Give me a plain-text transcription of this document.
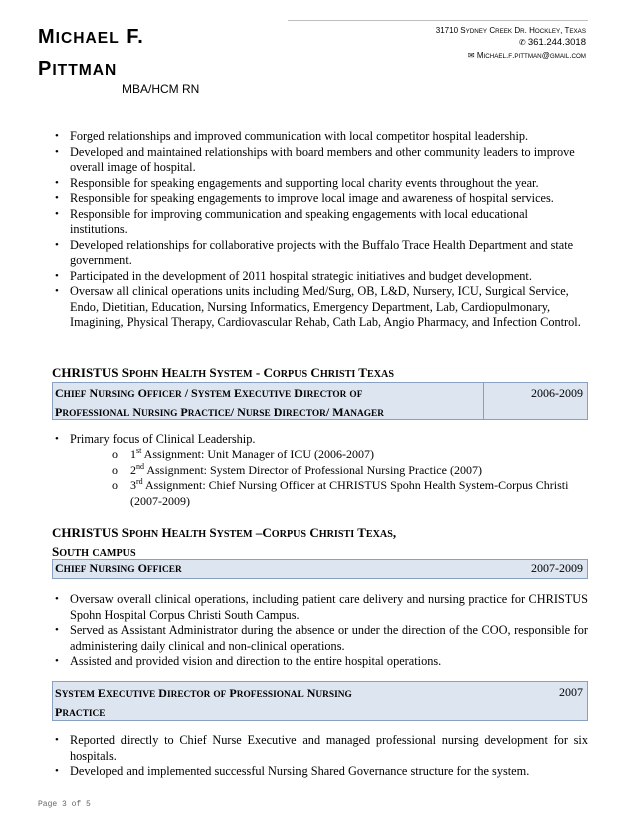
MICHAEL F.
PITTMAN
MBA/HCM RN
31710 SYDNEY CREEK DR. HOCKLEY, TEXAS
✆ 361.244.3018
✉ MICHAEL.F.PITTMAN@GMAIL.COM
• Forged relationships and improved communication with local competitor hospital leadership.
• Developed and maintained relationships with board members and other community leaders to improve overall image of hospital.
• Responsible for speaking engagements and supporting local charity events throughout the year.
• Responsible for speaking engagements to improve local image and awareness of hospital services.
• Responsible for improving communication and speaking engagements with local educational institutions.
• Developed relationships for collaborative projects with the Buffalo Trace Health Department and state government.
• Participated in the development of 2011 hospital strategic initiatives and budget development.
• Oversaw all clinical operations units including Med/Surg, OB, L&D, Nursery, ICU, Surgical Service, Endo, Dietitian, Education, Nursing Informatics, Emergency Department, Lab, Cardiopulmonary, Imagining, Physical Therapy, Cardiovascular Rehab, Cath Lab, Angio Pharmacy, and Infection Control.
CHRISTUS SPOHN HEALTH SYSTEM - CORPUS CHRISTI TEXAS
CHIEF NURSING OFFICER / SYSTEM EXECUTIVE DIRECTOR OF
PROFESSIONAL NURSING PRACTICE/ NURSE DIRECTOR/ MANAGER
2006-2009
• Primary focus of Clinical Leadership.
o 1st Assignment: Unit Manager of ICU (2006-2007)
o 2nd Assignment: System Director of Professional Nursing Practice (2007)
o 3rd Assignment: Chief Nursing Officer at CHRISTUS Spohn Health System-Corpus Christi (2007-2009)
CHRISTUS SPOHN HEALTH SYSTEM –CORPUS CHRISTI TEXAS,
SOUTH CAMPUS
CHIEF NURSING OFFICER	2007-2009
• Oversaw overall clinical operations, including patient care delivery and nursing practice for CHRISTUS Spohn Hospital Corpus Christi South Campus.
• Served as Assistant Administrator during the absence or under the direction of the COO, responsible for administering daily clinical and non-clinical operations.
• Assisted and provided vision and direction to the entire hospital operations.
SYSTEM EXECUTIVE DIRECTOR OF PROFESSIONAL NURSING
PRACTICE
2007
• Reported directly to Chief Nurse Executive and managed professional nursing development for six hospitals.
• Developed and implemented successful Nursing Shared Governance structure for the system.
Page 3 of 5
